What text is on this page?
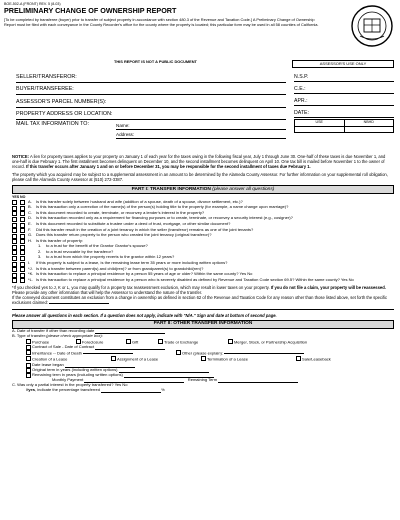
BOE-502-A (FRONT) REV. 5 (8-03)
PRELIMINARY CHANGE OF OWNERSHIP REPORT
[To be completed by transferee (buyer) prior to transfer of subject property in accordance with section 480.3 of the Revenue and Taxation Code.] A Preliminary Change of Ownership Report must be filed with each conveyance in the County Recorder's office for the county where the property is located; this particular form may be used in all 58 counties of California.
THIS REPORT IS NOT A PUBLIC DOCUMENT	ASSESSOR'S USE ONLY
SELLER/TRANSFEROR:
BUYER/TRANSFEREE:
ASSESSOR'S PARCEL NUMBER(S):
PROPERTY ADDRESS OR LOCATION:
MAIL TAX INFORMATION TO:	Name:
Address:
N.S.P.
C.E.:
APR.:
DATE:
USE	NBHD
NOTICE: A lien for property taxes applies to your property on January 1 of each year for the taxes owing in the following fiscal year, July 1 through June 30. One-half of these taxes is due November 1, and one-half is due February 1. The first installment becomes delinquent on December 10, and the second installment becomes delinquent on April 10. One tax bill is mailed before November 1 to the owner of record. If this transfer occurs after January 1 and on or before December 31, you may be responsible for the second installment of taxes due February 1.
The property which you acquired may be subject to a supplemental assessment in an amount to be determined by the Alameda County Assessor. For further information on your supplemental roll obligation, please call the Alameda County Assessor at (510) 272-3387.
PART I: TRANSFER INFORMATION (please answer all questions)
YES NO
A.	Is this transfer solely between husband and wife (addition of a spouse, death of a spouse, divorce settlement, etc.)?
B.	Is this transaction only a correction of the name(s) of the person(s) holding title to the property (for example, a name change upon marriage)?
C. Is this document recorded to create, terminate, or reconvey a lender's interest in the property?
D. Is this transaction recorded only as a requirement for financing purposes or to create, terminate, or reconvey a security interest (e.g., cosigner)?
E.	Is this document recorded to substitute a trustee under a deed of trust, mortgage, or other similar document?
F.	Did this transfer result in the creation of a joint tenancy in which the seller (transferor) remains as one of the joint tenants?
G. Does this transfer return property to the person who created the joint tenancy (original transferor)?
H. Is this transfer of property:
1.	to a trust for the benefit of the Grantor Grantor's spouse?
2.	to a trust revocable by the transferor?
3.	to a trust from which the property reverts to the grantor within 12 years?
I.	If this property is subject to a lease, is the remaining lease term 35 years or more including written options?
*J. Is this a transfer between parent(s) and child(ren)? or from grandparent(s) to grandchild(ren)?
*K. Is this transaction to replace a principal residence by a person 55 years of age or older? Within the same county? Yes No
*L. Is this transaction to replace a principal residence by a person who is severely disabled as defined by Revenue and Taxation Code section 69.5? Within the same county? Yes No
*If you checked yes to J, K or L, you may qualify for a property tax reassessment exclusion, which may result in lower taxes on your property. If you do not file a claim, your property will be reassessed.
Please provide any other information that will help the Assessor to understand the nature of the transfer.
If the conveyed document constitutes an exclusion from a change in ownership as defined in section 62 of the Revenue and Taxation Code for any reason other than those listed above, set forth the specific exclusions claimed:
Please answer all questions in each section. If a question does not apply, indicate with "N/A." Sign and date at bottom of second page.
PART II: OTHER TRANSFER INFORMATION
A. Date of transfer if other than recording date

B. Type of transfer: (please check appropriate box):
Purchase	Foreclosure	Gift	Trade or Exchange	Merger, Stock, or Partnership Acquisition
Contract of Sale - Date of Contract

Inheritance -- Date of Death	Other (please explain):
Creation of a Lease	Assignment of a Lease	Termination of a Lease	Sale/Leaseback
Date lease began

Original term in years (including written options)

Remaining term in years (including written options)

Monthly Payment

	Remaining Term

C. Was only a partial interest in the property transferred? Yes No
If yes , indicate the percentage transferred
	%
